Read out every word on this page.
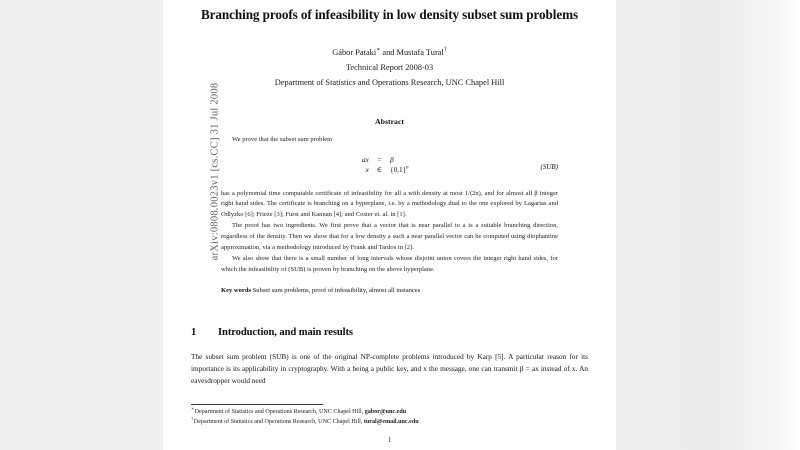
arXiv:0808.0023v1 [cs.CC] 31 Jul 2008
Branching proofs of infeasibility in low density subset sum problems
Gábor Pataki∗ and Mustafa Tural†
Technical Report 2008-03
Department of Statistics and Operations Research, UNC Chapel Hill
Abstract

We prove that the subset sum problem

ax	=	β
x	∈	$\{0,1\}^n$	(SUB)

has a polynomial time computable certificate of infeasibility for all a with density at most 1/(2n), and for almost all β integer right hand sides. The certificate is branching on a hyperplane, i.e. by a methodology dual to the one explored by Lagarias and Odlyzko [6]; Frieze [3]; Furst and Kannan [4]; and Coster et. al. in [1].

The proof has two ingredients. We first prove that a vector that is near parallel to a is a suitable branching direction, regardless of the density. Then we show that for a low density a such a near parallel vector can be computed using diophantine approximation, via a methodology introduced by Frank and Tardos in [2].

We also show that there is a small number of long intervals whose disjoint union covers the integer right hand sides, for which the infeasibility of (SUB) is proven by branching on the above hyperplane.

Key words Subset sum problems, proof of infeasibility, almost all instances
1	Introduction, and main results

The subset sum problem (SUB) is one of the original NP-complete problems introduced by Karp [5]. A particular reason for its importance is its applicability in cryptography. With a being a public key, and x the message, one can transmit β = ax instead of x. An eavesdropper would need

∗Department of Statistics and Operations Research, UNC Chapel Hill, gabor@unc.edu
†Department of Statistics and Operations Research, UNC Chapel Hill, tural@email.unc.edu
1
